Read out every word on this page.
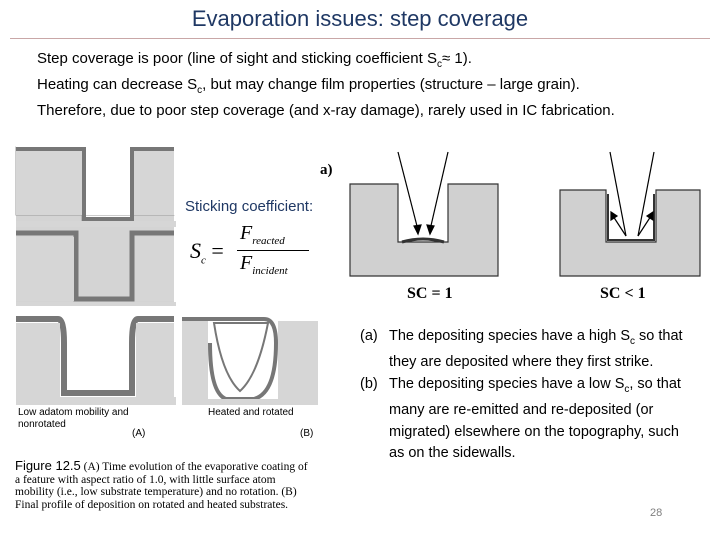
Evaporation issues: step coverage
Step coverage is poor (line of sight and sticking coefficient $S_c\approx 1$).
Heating can decrease $S_c$, but may change film properties (structure – large grain).
Therefore, due to poor step coverage (and x-ray damage), rarely used in IC fabrication.
Low adatom mobility and
nonrotated
(A)
Heated and rotated
(B)
Sticking coefficient:
$S_c$ =
$F_{reacted}$
$F_{incident}$
Figure 12.5 (A) Time evolution of the evaporative coating of a feature with aspect ratio of 1.0, with little surface atom mobility (i.e., low substrate temperature) and no rotation. (B) Final profile of deposition on rotated and heated substrates.
a)
SC = 1	SC < 1
(a) The depositing species have a high $S_c$ so that they are deposited where they first strike.
(b) The depositing species have a low $S_c$, so that many are re-emitted and re-deposited (or migrated) elsewhere on the topography, such as on the sidewalls.
28
